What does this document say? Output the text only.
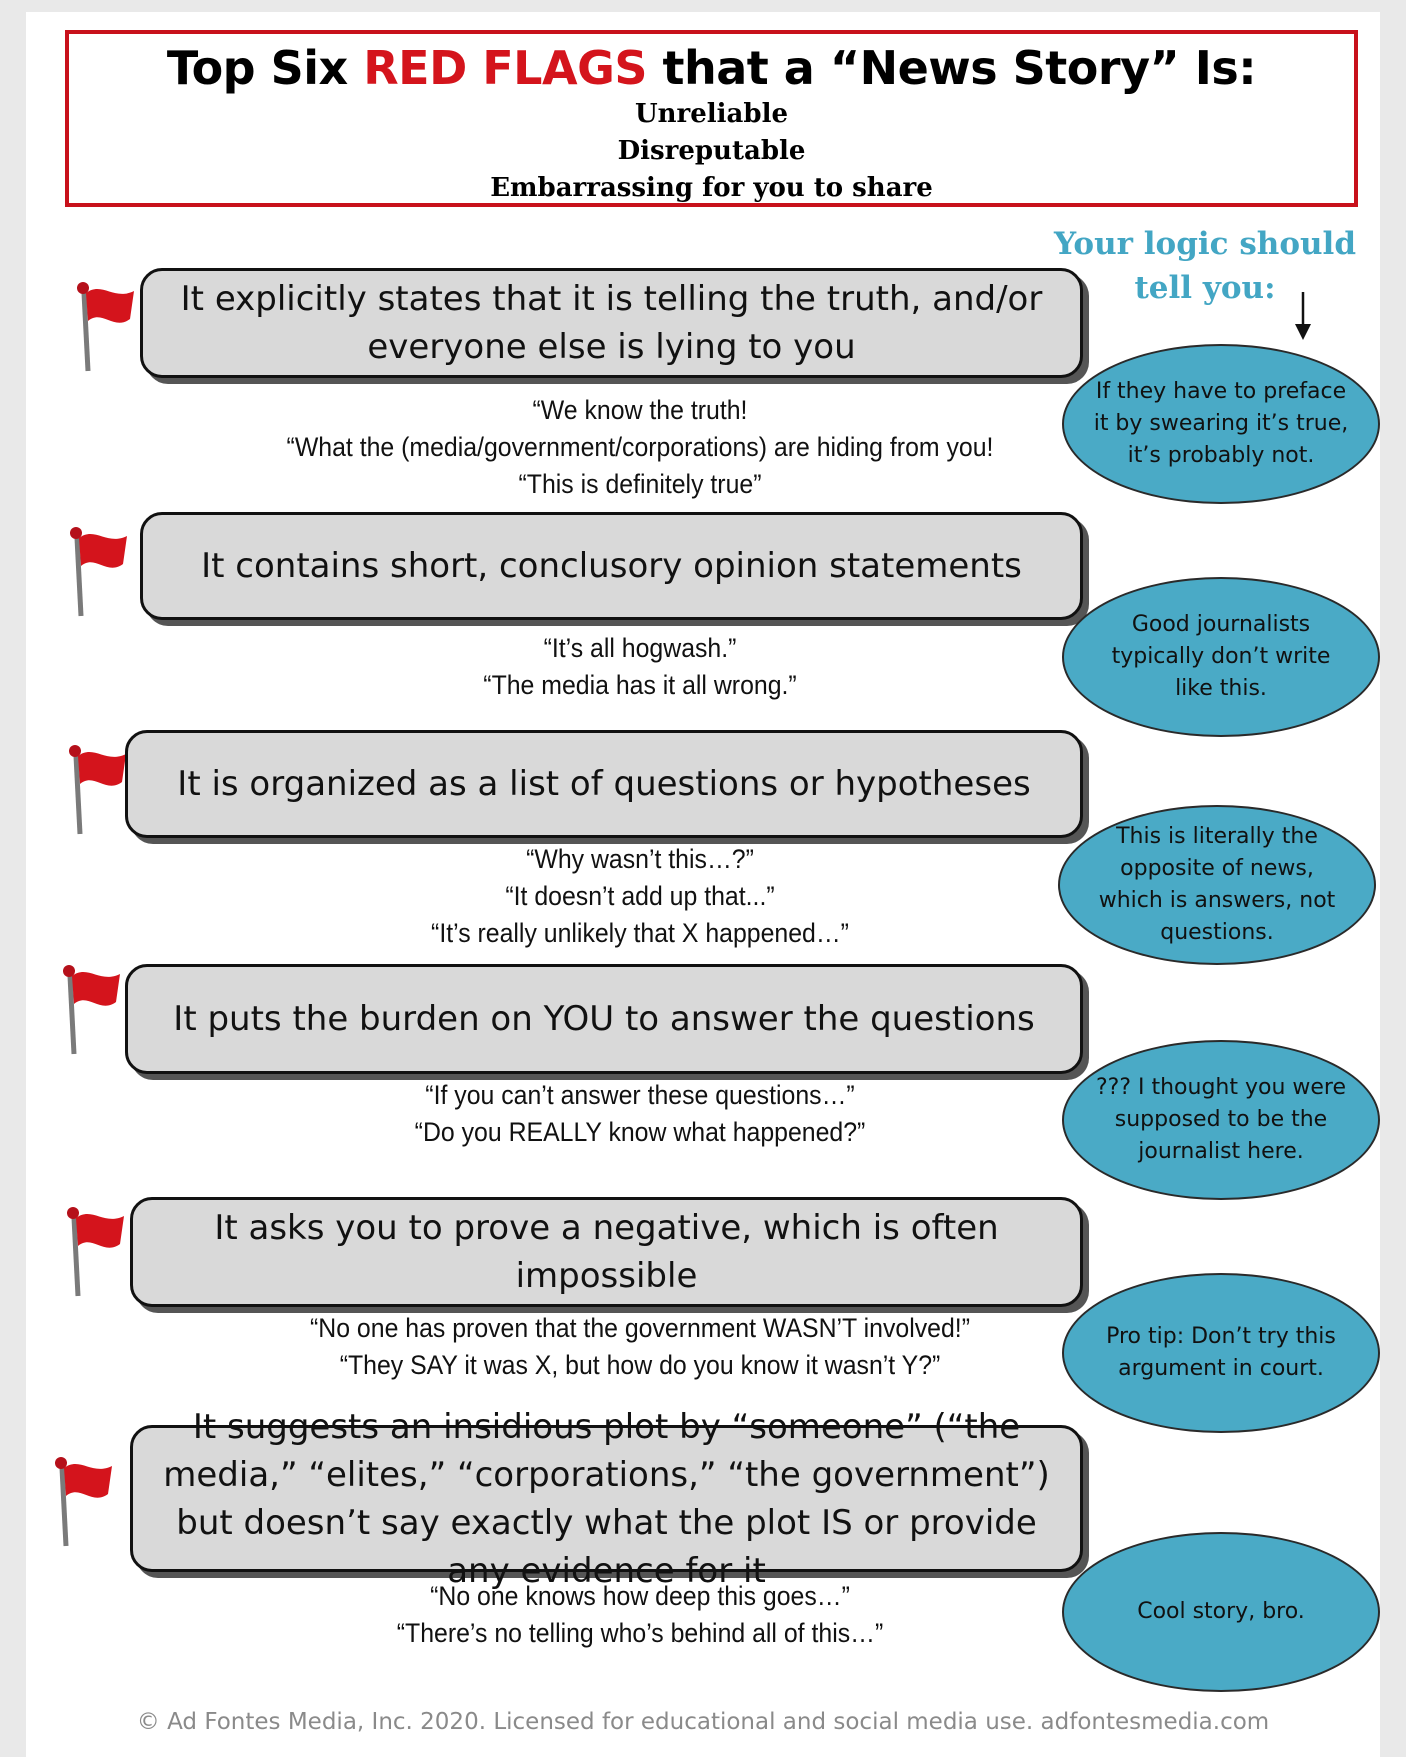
Top Six RED FLAGS that a “News Story” Is:
Unreliable
Disreputable
Embarrassing for you to share
Your logic should tell you:
It explicitly states that it is telling the truth, and/or everyone else is lying to you
It contains short, conclusory opinion statements
It is organized as a list of questions or hypotheses
It puts the burden on YOU to answer the questions
It asks you to prove a negative, which is often impossible
It suggests an insidious plot by “someone” (“the media,” “elites,” “corporations,” “the government”) but doesn’t say exactly what the plot IS or provide any evidence for it
“We know the truth!
“What the (media/government/corporations) are hiding from you!
“This is definitely true”
“It’s all hogwash.”
“The media has it all wrong.”
“Why wasn’t this…?”
“It doesn’t add up that...”
“It’s really unlikely that X happened…”
“If you can’t answer these questions…”
“Do you REALLY know what happened?”
“No one has proven that the government WASN’T involved!”
“They SAY it was X, but how do you know it wasn’t Y?”
“No one knows how deep this goes…”
“There’s no telling who’s behind all of this…”
If they have to preface it by swearing it’s true, it’s probably not.
Good journalists typically don’t write like this.
This is literally the opposite of news, which is answers, not questions.
??? I thought you were supposed to be the journalist here.
Pro tip: Don’t try this argument in court.
Cool story, bro.
© Ad Fontes Media, Inc. 2020. Licensed for educational and social media use. adfontesmedia.com
